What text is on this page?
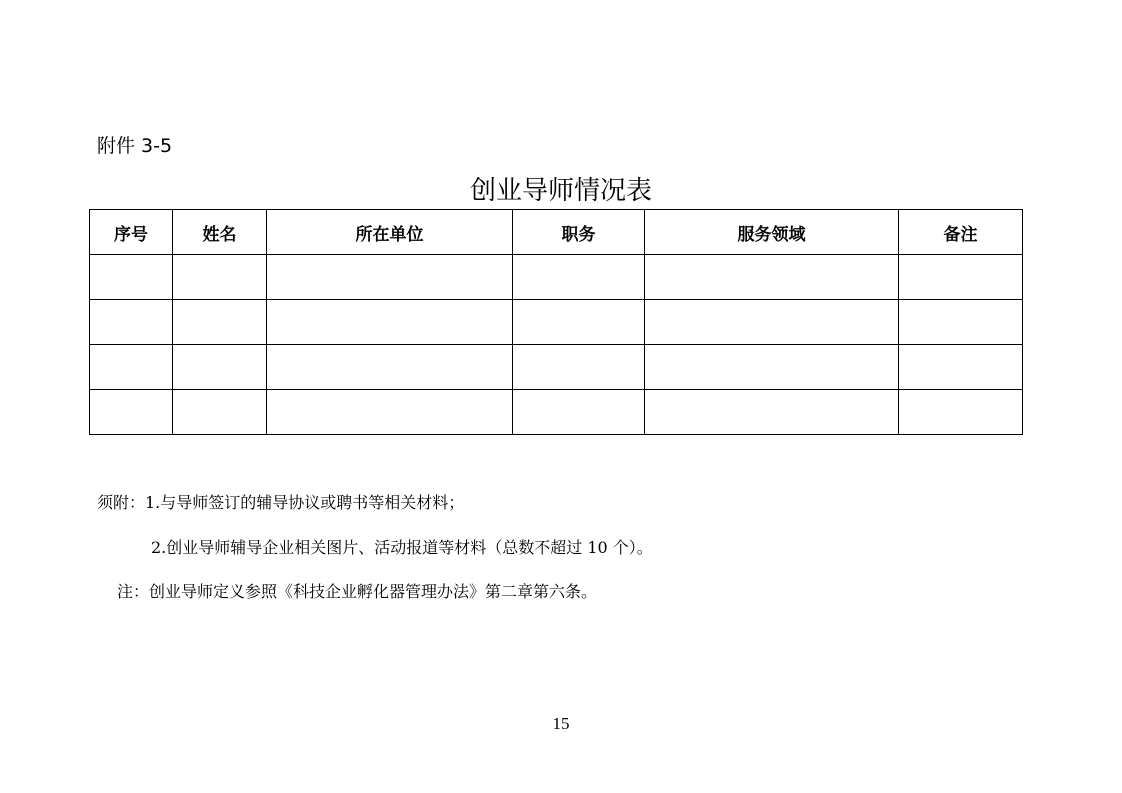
附件 3-5
创业导师情况表
序号	姓名	所在单位	职务	服务领域	备注

须附：1.与导师签订的辅导协议或聘书等相关材料；
2.创业导师辅导企业相关图片、活动报道等材料（总数不超过 10 个）。
注：创业导师定义参照《科技企业孵化器管理办法》第二章第六条。
15
